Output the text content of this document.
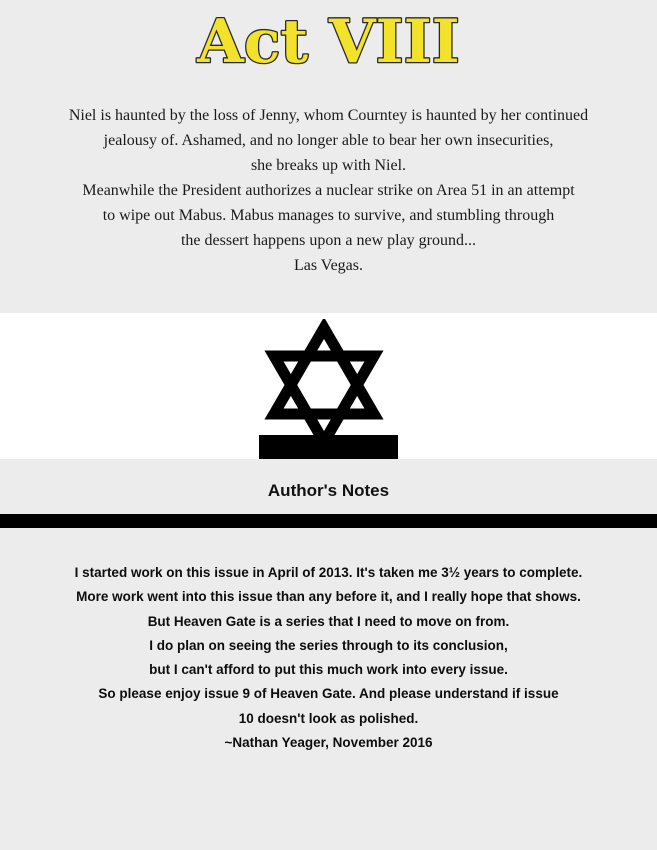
Act VIII
Niel is haunted by the loss of Jenny, whom Courntey is haunted by her continued
jealousy of. Ashamed, and no longer able to bear her own insecurities,
she breaks up with Niel.
Meanwhile the President authorizes a nuclear strike on Area 51 in an attempt
to wipe out Mabus. Mabus manages to survive, and stumbling through
the dessert happens upon a new play ground...
Las Vegas.
Author's Notes
I started work on this issue in April of 2013. It's taken me 3½ years to complete.
More work went into this issue than any before it, and I really hope that shows.
But Heaven Gate is a series that I need to move on from.
I do plan on seeing the series through to its conclusion,
but I can't afford to put this much work into every issue.
So please enjoy issue 9 of Heaven Gate. And please understand if issue
10 doesn't look as polished.
~Nathan Yeager, November 2016
